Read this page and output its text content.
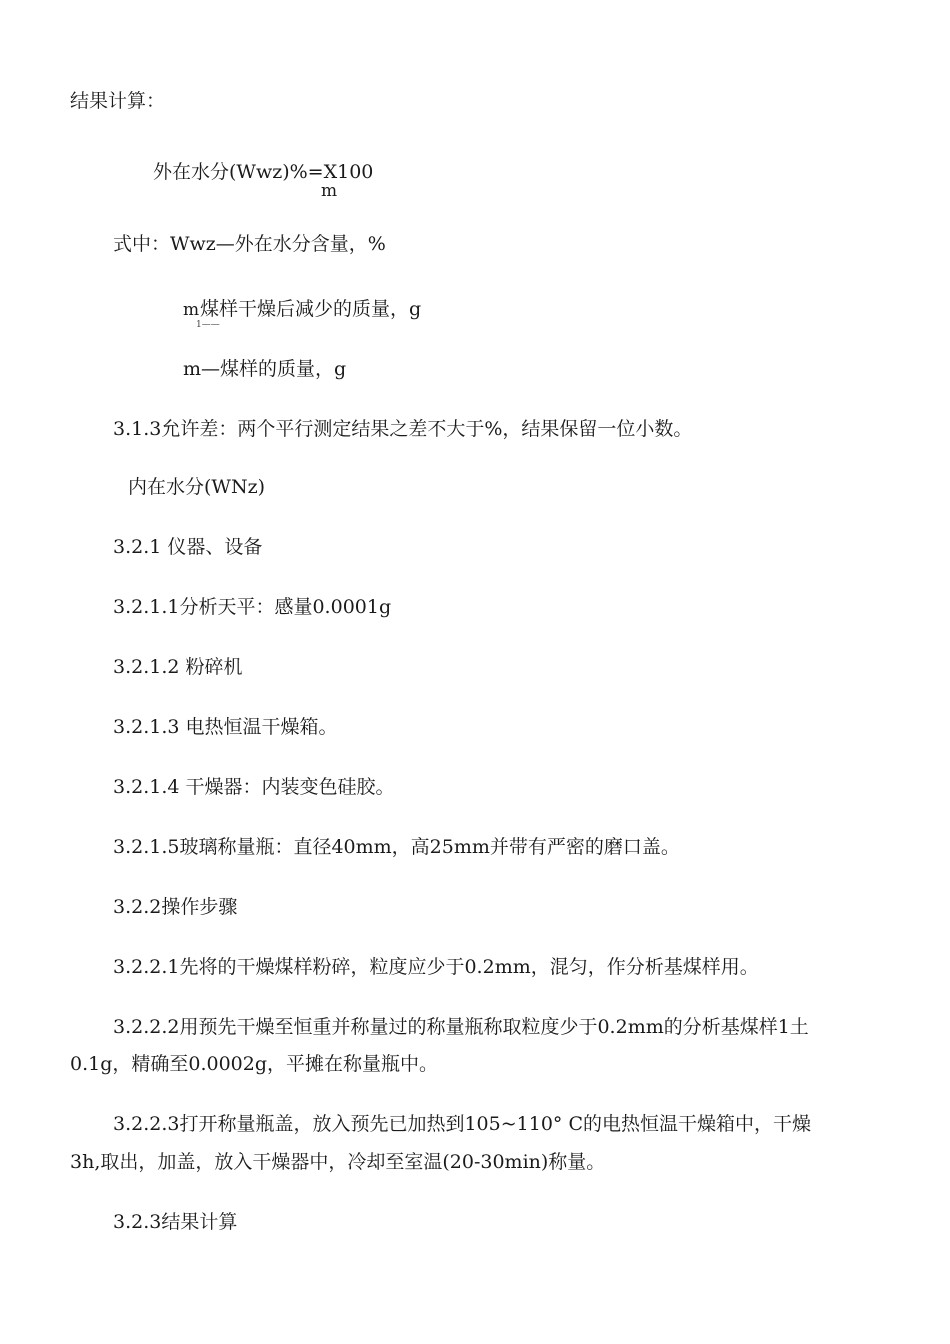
结果计算：
外在水分(Wwz)%=X100
m
式中：Wwz—外在水分含量，%
m
1——
煤样干燥后减少的质量，g
m—煤样的质量，g
3.1.3允许差：两个平行测定结果之差不大于%，结果保留一位小数。
内在水分(WNz)
3.2.1 仪器、设备
3.2.1.1分析天平：感量0.0001g
3.2.1.2 粉碎机
3.2.1.3 电热恒温干燥箱。
3.2.1.4 干燥器：内装变色硅胶。
3.2.1.5玻璃称量瓶：直径40mm，高25mm并带有严密的磨口盖。
3.2.2操作步骤
3.2.2.1先将的干燥煤样粉碎，粒度应少于0.2mm，混匀，作分析基煤样用。
3.2.2.2用预先干燥至恒重并称量过的称量瓶称取粒度少于0.2mm的分析基煤样1土
0.1g，精确至0.0002g，平摊在称量瓶中。
3.2.2.3打开称量瓶盖，放入预先已加热到105~110° C的电热恒温干燥箱中，干燥
3h,取出，加盖，放入干燥器中，冷却至室温(20-30min)称量。
3.2.3结果计算
